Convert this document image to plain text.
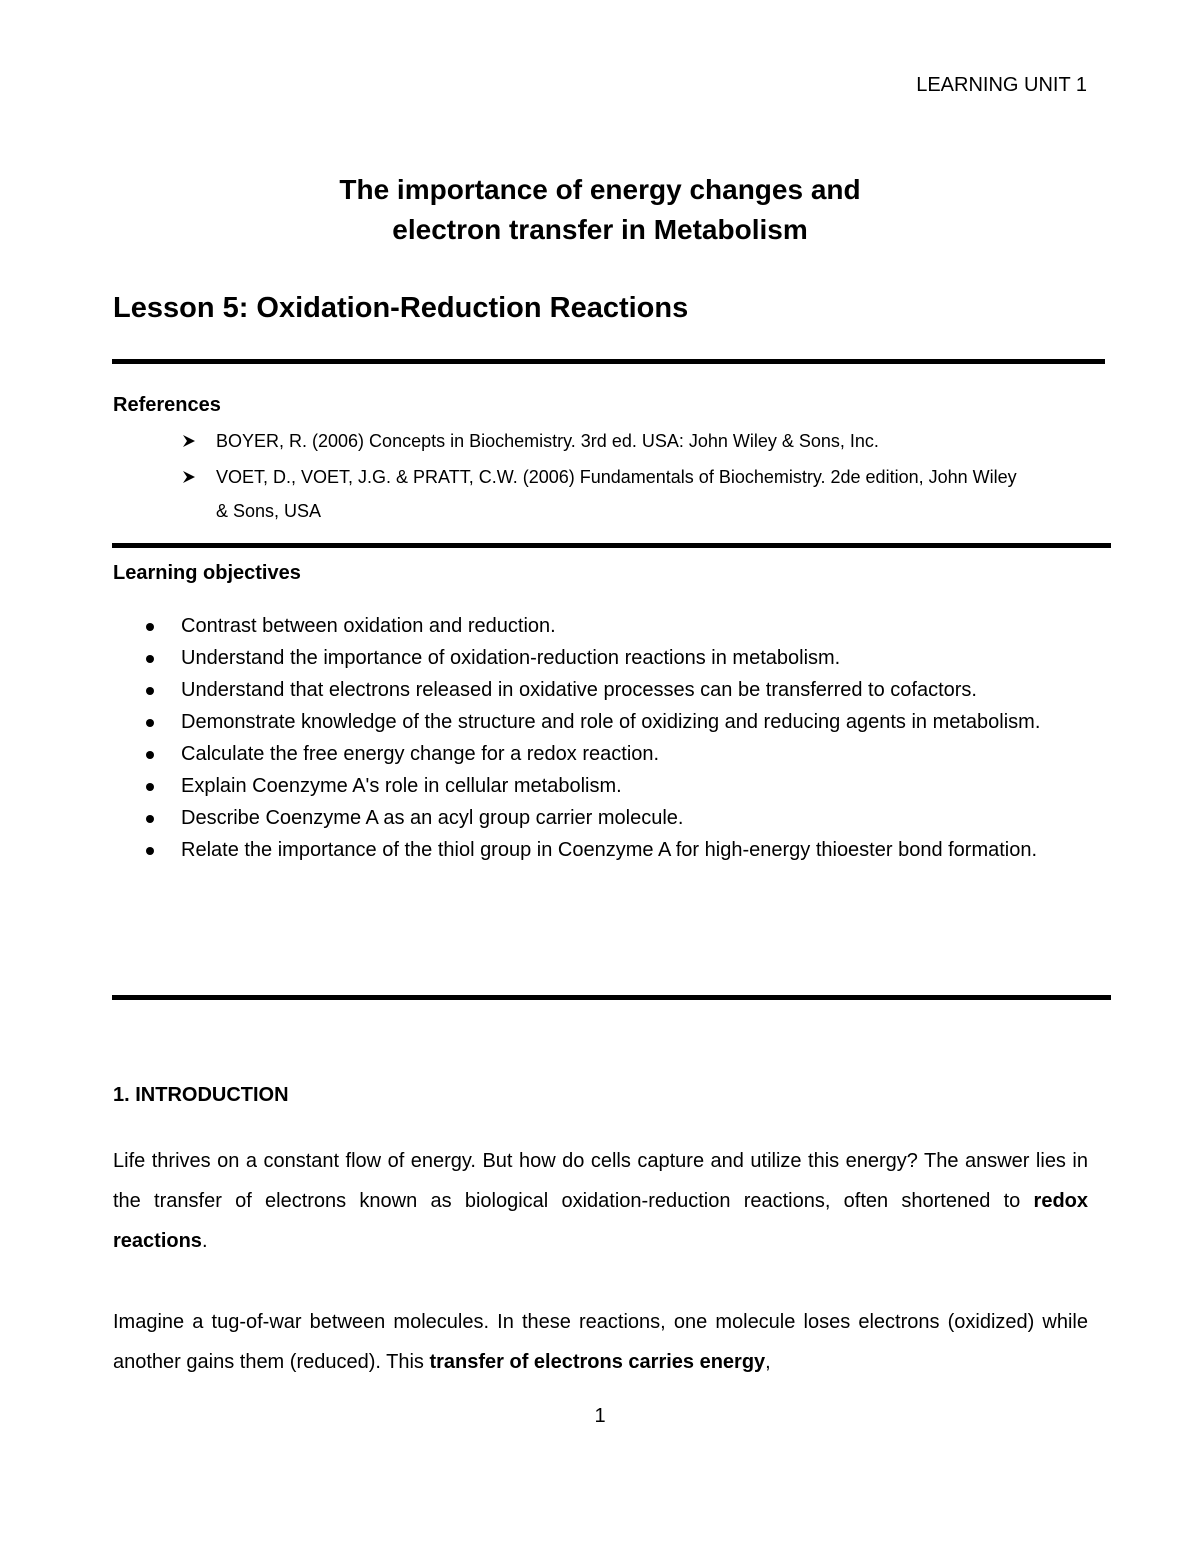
LEARNING UNIT 1
The importance of energy changes and
electron transfer in Metabolism
Lesson 5: Oxidation-Reduction Reactions
References
BOYER, R. (2006) Concepts in Biochemistry. 3rd ed. USA: John Wiley & Sons, Inc.
VOET, D., VOET, J.G. & PRATT, C.W. (2006) Fundamentals of Biochemistry. 2de edition, John Wiley
& Sons, USA
Learning objectives
Contrast between oxidation and reduction.
Understand the importance of oxidation-reduction reactions in metabolism.
Understand that electrons released in oxidative processes can be transferred to cofactors.
Demonstrate knowledge of the structure and role of oxidizing and reducing agents in metabolism.
Calculate the free energy change for a redox reaction.
Explain Coenzyme A's role in cellular metabolism.
Describe Coenzyme A as an acyl group carrier molecule.
Relate the importance of the thiol group in Coenzyme A for high-energy thioester bond formation.
1. INTRODUCTION

Life thrives on a constant flow of energy. But how do cells capture and utilize this energy? The answer lies in the transfer of electrons known as biological oxidation-reduction reactions, often shortened to redox reactions.

Imagine a tug-of-war between molecules. In these reactions, one molecule loses electrons (oxidized) while another gains them (reduced). This transfer of electrons carries energy,

1
